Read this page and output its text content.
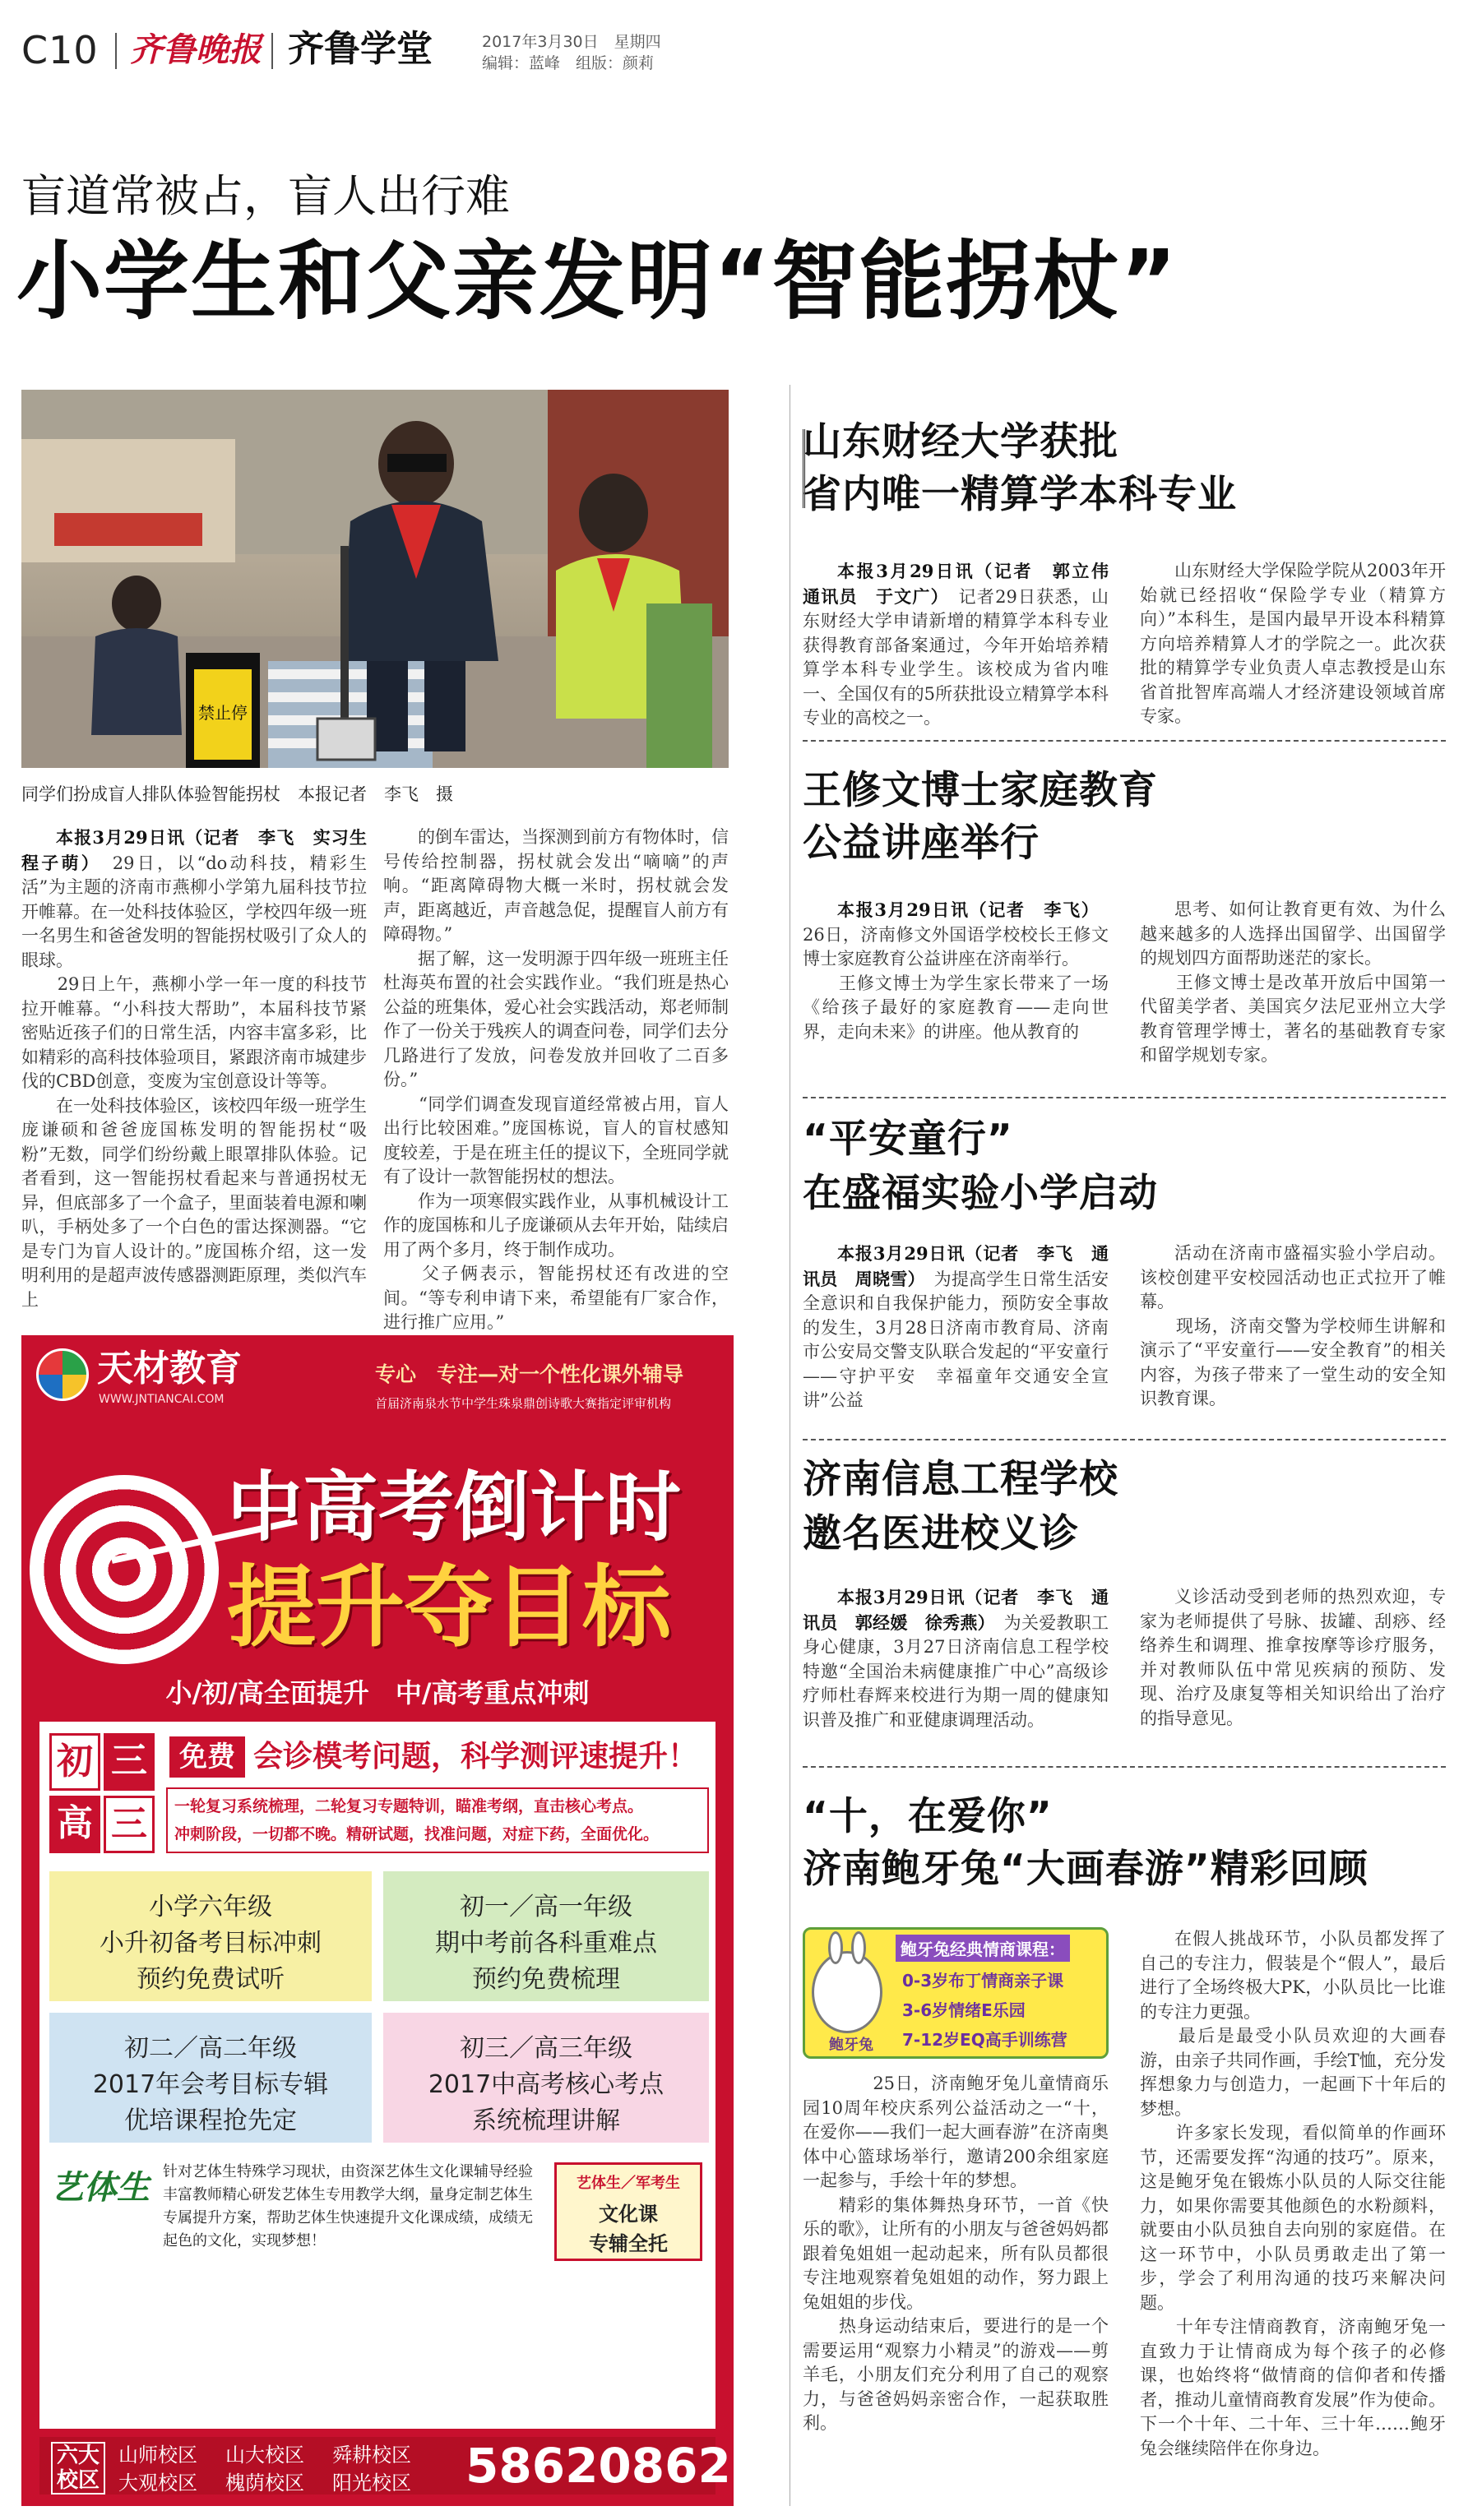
C10 齐鲁晚报 齐鲁学堂	2017年3月30日　星期四
编辑：蓝峰　组版：颜莉
盲道常被占，盲人出行难
小学生和父亲发明“智能拐杖”
禁止停
同学们扮成盲人排队体验智能拐杖　本报记者　李飞　摄
本报3月29日讯（记者　李飞　实习生　程子萌）　29日，以“do动科技，精彩生活”为主题的济南市燕柳小学第九届科技节拉开帷幕。在一处科技体验区，学校四年级一班一名男生和爸爸发明的智能拐杖吸引了众人的眼球。
　　29日上午，燕柳小学一年一度的科技节拉开帷幕。“小科技大帮助”，本届科技节紧密贴近孩子们的日常生活，内容丰富多彩，比如精彩的高科技体验项目，紧跟济南市城建步伐的CBD创意，变废为宝创意设计等等。
　　在一处科技体验区，该校四年级一班学生庞谦硕和爸爸庞国栋发明的智能拐杖“吸粉”无数，同学们纷纷戴上眼罩排队体验。记者看到，这一智能拐杖看起来与普通拐杖无异，但底部多了一个盒子，里面装着电源和喇叭，手柄处多了一个白色的雷达探测器。“它是专门为盲人设计的。”庞国栋介绍，这一发明利用的是超声波传感器测距原理，类似汽车上
的倒车雷达，当探测到前方有物体时，信号传给控制器，拐杖就会发出“嘀嘀”的声响。“距离障碍物大概一米时，拐杖就会发声，距离越近，声音越急促，提醒盲人前方有障碍物。”
　　据了解，这一发明源于四年级一班班主任杜海英布置的社会实践作业。“我们班是热心公益的班集体，爱心社会实践活动，郑老师制作了一份关于残疾人的调查问卷，同学们去分几路进行了发放，问卷发放并回收了二百多份。”
　　“同学们调查发现盲道经常被占用，盲人出行比较困难。”庞国栋说，盲人的盲杖感知度较差，于是在班主任的提议下，全班同学就有了设计一款智能拐杖的想法。
　　作为一项寒假实践作业，从事机械设计工作的庞国栋和儿子庞谦硕从去年开始，陆续启用了两个多月，终于制作成功。
　　父子俩表示，智能拐杖还有改进的空间。“等专利申请下来，希望能有厂家合作，进行推广应用。”
天材教育
WWW.JNTIANCAI.COM
专心　专注—对一个性化课外辅导
首届济南泉水节中学生珠泉鼎创诗歌大赛指定评审机构
中高考倒计时
提升夺目标
小/初/高全面提升　中/高考重点冲刺
初 三
高 三
免费 会诊模考问题，科学测评速提升！
一轮复习系统梳理，二轮复习专题特训，瞄准考纲，直击核心考点。
冲刺阶段，一切都不晚。精研试题，找准问题，对症下药，全面优化。
小学六年级
小升初备考目标冲刺
预约免费试听
初一／高一年级
期中考前各科重难点
预约免费梳理
初二／高二年级
2017年会考目标专辑
优培课程抢先定
初三／高三年级
2017中高考核心考点
系统梳理讲解
艺体生 针对艺体生特殊学习现状，由资深艺体生文化课辅导经验丰富教师精心研发艺体生专用教学大纲，量身定制艺体生专属提升方案，帮助艺体生快速提升文化课成绩，成绩无起色的文化，实现梦想！
艺体生／军考生
文化课
专辅全托
六大校区
山师校区 山大校区 舜耕校区
大观校区 槐荫校区 阳光校区 58620862
山东财经大学获批
省内唯一精算学本科专业
本报3月29日讯（记者　郭立伟　通讯员　于文广）　记者29日获悉，山东财经大学申请新增的精算学本科专业获得教育部备案通过，今年开始培养精算学本科专业学生。该校成为省内唯一、全国仅有的5所获批设立精算学本科专业的高校之一。
山东财经大学保险学院从2003年开始就已经招收“保险学专业（精算方向）”本科生，是国内最早开设本科精算方向培养精算人才的学院之一。此次获批的精算学专业负责人卓志教授是山东省首批智库高端人才经济建设领域首席专家。
王修文博士家庭教育
公益讲座举行
本报3月29日讯（记者　李飞）　26日，济南修文外国语学校校长王修文博士家庭教育公益讲座在济南举行。
　　王修文博士为学生家长带来了一场《给孩子最好的家庭教育——走向世界，走向未来》的讲座。他从教育的
思考、如何让教育更有效、为什么越来越多的人选择出国留学、出国留学的规划四方面帮助迷茫的家长。
　　王修文博士是改革开放后中国第一代留美学者、美国宾夕法尼亚州立大学教育管理学博士，著名的基础教育专家和留学规划专家。
“平安童行”
在盛福实验小学启动
本报3月29日讯（记者　李飞　通讯员　周晓雪）　为提高学生日常生活安全意识和自我保护能力，预防安全事故的发生，3月28日济南市教育局、济南市公安局交警支队联合发起的“平安童行——守护平安　幸福童年交通安全宣讲”公益
活动在济南市盛福实验小学启动。该校创建平安校园活动也正式拉开了帷幕。
　　现场，济南交警为学校师生讲解和演示了“平安童行——安全教育”的相关内容，为孩子带来了一堂生动的安全知识教育课。
济南信息工程学校
邀名医进校义诊
本报3月29日讯（记者　李飞　通讯员　郭经媛　徐秀燕）　为关爱教职工身心健康，3月27日济南信息工程学校特邀“全国治未病健康推广中心”高级诊疗师杜春辉来校进行为期一周的健康知识普及推广和亚健康调理活动。
义诊活动受到老师的热烈欢迎，专家为老师提供了号脉、拔罐、刮痧、经络养生和调理、推拿按摩等诊疗服务，并对教师队伍中常见疾病的预防、发现、治疗及康复等相关知识给出了治疗的指导意见。
“十，在爱你”
济南鲍牙兔“大画春游”精彩回顾
鲍牙兔
鲍牙兔经典情商课程：
0-3岁布丁情商亲子课
3-6岁情绪E乐园
7-12岁EQ高手训练营
　　25日，济南鲍牙兔儿童情商乐园10周年校庆系列公益活动之一“十，在爱你——我们一起大画春游”在济南奥体中心篮球场举行，邀请200余组家庭一起参与，手绘十年的梦想。
　　精彩的集体舞热身环节，一首《快乐的歌》，让所有的小朋友与爸爸妈妈都跟着兔姐姐一起动起来，所有队员都很专注地观察着兔姐姐的动作，努力跟上兔姐姐的步伐。
　　热身运动结束后，要进行的是一个需要运用“观察力小精灵”的游戏——剪羊毛，小朋友们充分利用了自己的观察力，与爸爸妈妈亲密合作，一起获取胜利。
在假人挑战环节，小队员都发挥了自己的专注力，假装是个“假人”，最后进行了全场终极大PK，小队员比一比谁的专注力更强。
　　最后是最受小队员欢迎的大画春游，由亲子共同作画，手绘T恤，充分发挥想象力与创造力，一起画下十年后的梦想。
　　许多家长发现，看似简单的作画环节，还需要发挥“沟通的技巧”。原来，这是鲍牙兔在锻炼小队员的人际交往能力，如果你需要其他颜色的水粉颜料，就要由小队员独自去向别的家庭借。在这一环节中，小队员勇敢走出了第一步，学会了利用沟通的技巧来解决问题。
　　十年专注情商教育，济南鲍牙兔一直致力于让情商成为每个孩子的必修课，也始终将“做情商的信仰者和传播者，推动儿童情商教育发展”作为使命。下一个十年、二十年、三十年……鲍牙兔会继续陪伴在你身边。
